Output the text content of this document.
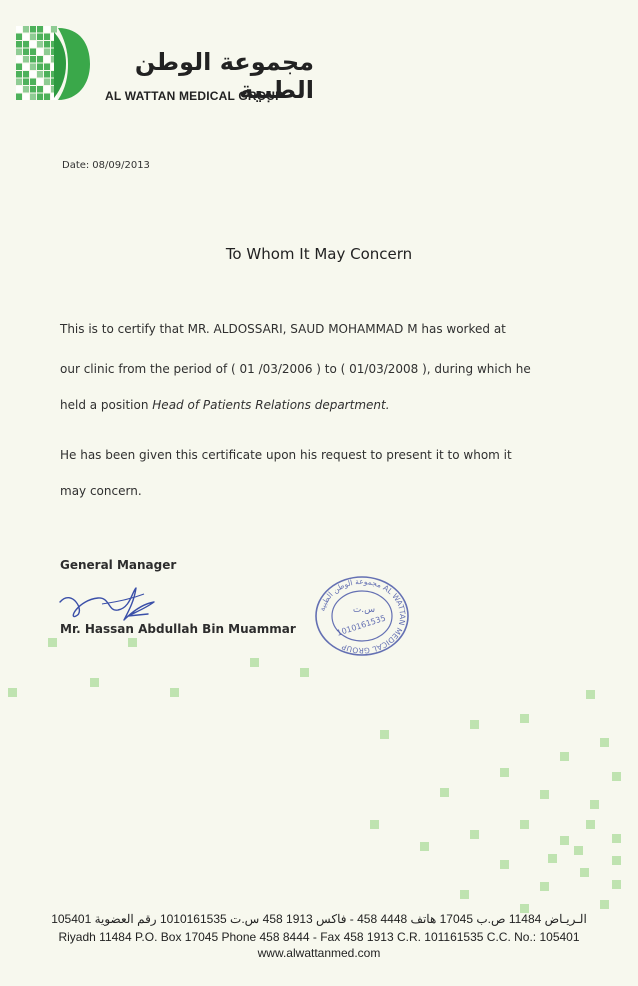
مجموعة الوطن الطبية
AL WATTAN MEDICAL GROUP
Date: 08/09/2013
To Whom It May Concern
This is to certify that MR. ALDOSSARI, SAUD MOHAMMAD M has worked at
our clinic from the period of ( 01 /03/2006 ) to ( 01/03/2008 ), during which he
held a position Head of Patients Relations department.
He has been given this certificate upon his request to present it to whom it
may concern.
General Manager
Mr. Hassan Abdullah Bin Muammar
مجموعة الوطن الطبية AL WATTAN MEDICAL GROUP
س.ت
1010161535
الـريـاض 11484 ص.ب 17045 هاتف 4448 458 - فاكس 1913 458 س.ت 1010161535 رقم العضوية 105401
Riyadh 11484 P.O. Box 17045 Phone 458 8444 - Fax 458 1913 C.R. 101161535 C.C. No.: 105401
www.alwattanmed.com
